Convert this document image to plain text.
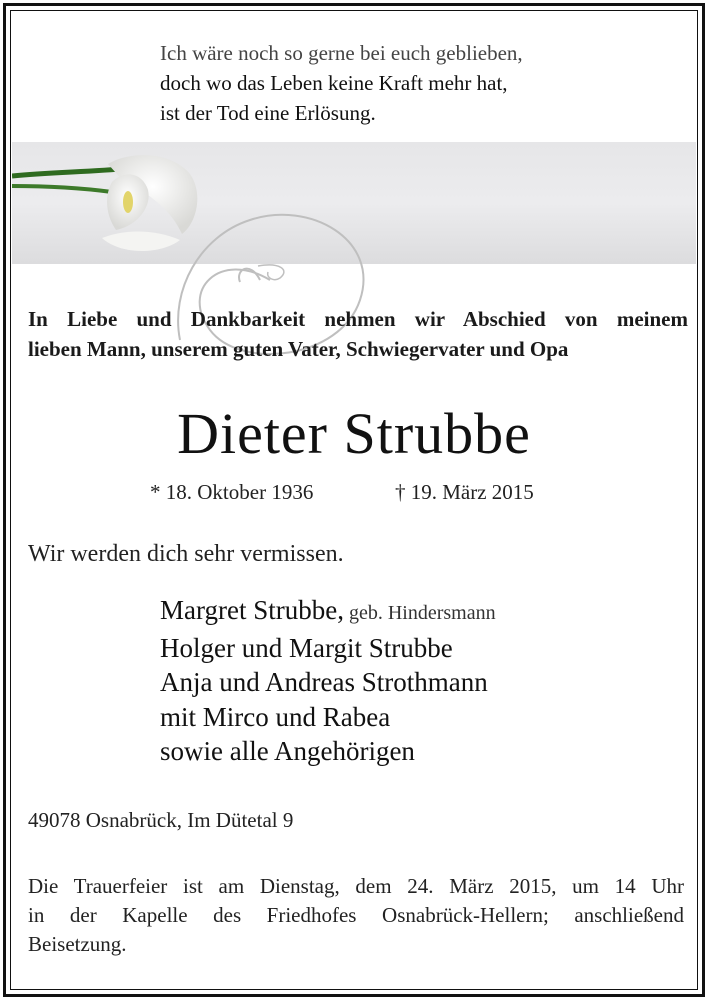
Ich wäre noch so gerne bei euch geblieben,
doch wo das Leben keine Kraft mehr hat,
ist der Tod eine Erlösung.
In Liebe und Dankbarkeit nehmen wir Abschied von meinem
lieben Mann, unserem guten Vater, Schwiegervater und Opa
Dieter Strubbe
* 18. Oktober 1936	† 19. März 2015
Wir werden dich sehr vermissen.
Margret Strubbe, geb. Hindersmann
Holger und Margit Strubbe
Anja und Andreas Strothmann
mit Mirco und Rabea
sowie alle Angehörigen
49078 Osnabrück, Im Dütetal 9
Die Trauerfeier ist am Dienstag, dem 24. März 2015, um 14 Uhr
in der Kapelle des Friedhofes Osnabrück-Hellern; anschließend
Beisetzung.
